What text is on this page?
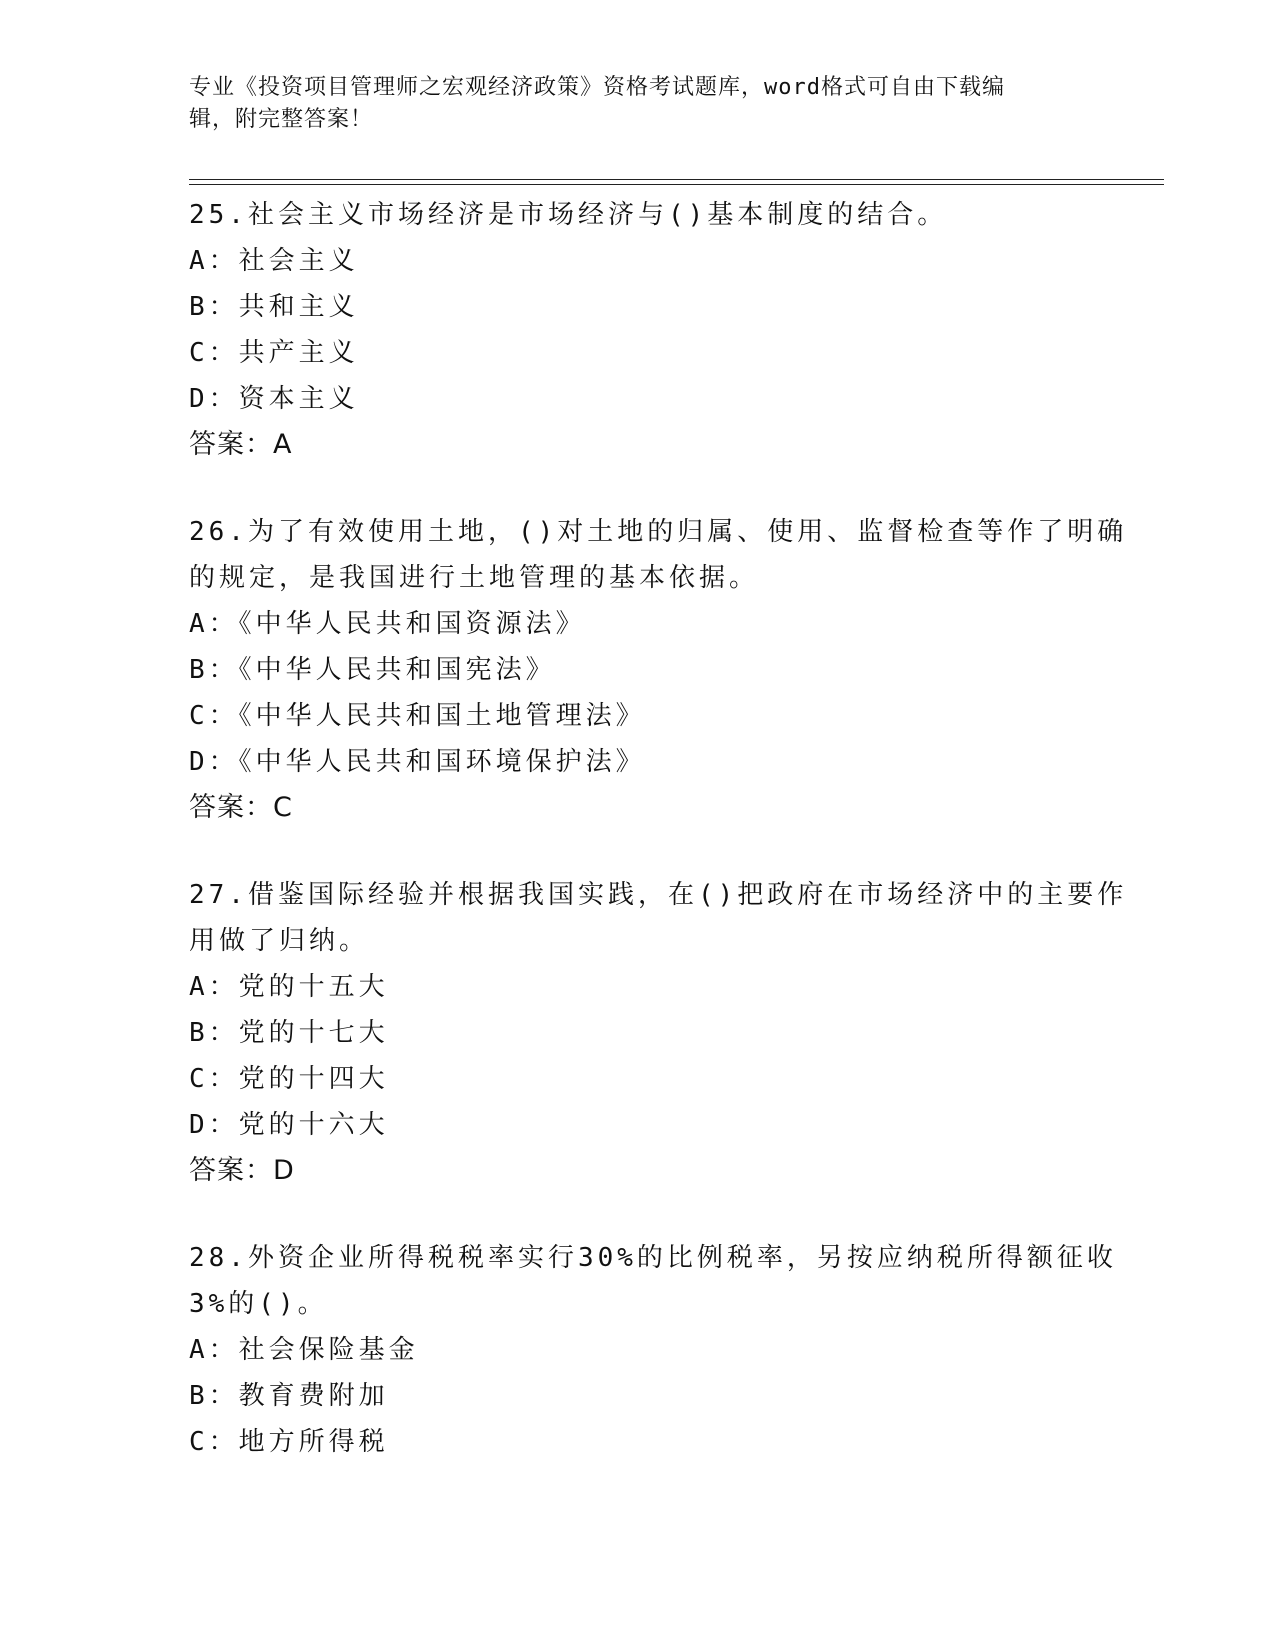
专业《投资项目管理师之宏观经济政策》资格考试题库，word格式可自由下载编
辑，附完整答案！
25.社会主义市场经济是市场经济与()基本制度的结合。
A：社会主义
B：共和主义
C：共产主义
D：资本主义
答案：A
26.为了有效使用土地，()对土地的归属、使用、监督检查等作了明确
的规定，是我国进行土地管理的基本依据。
A：《中华人民共和国资源法》
B：《中华人民共和国宪法》
C：《中华人民共和国土地管理法》
D：《中华人民共和国环境保护法》
答案：C
27.借鉴国际经验并根据我国实践，在()把政府在市场经济中的主要作
用做了归纳。
A：党的十五大
B：党的十七大
C：党的十四大
D：党的十六大
答案：D
28.外资企业所得税税率实行30%的比例税率，另按应纳税所得额征收
3%的()。
A：社会保险基金
B：教育费附加
C：地方所得税
